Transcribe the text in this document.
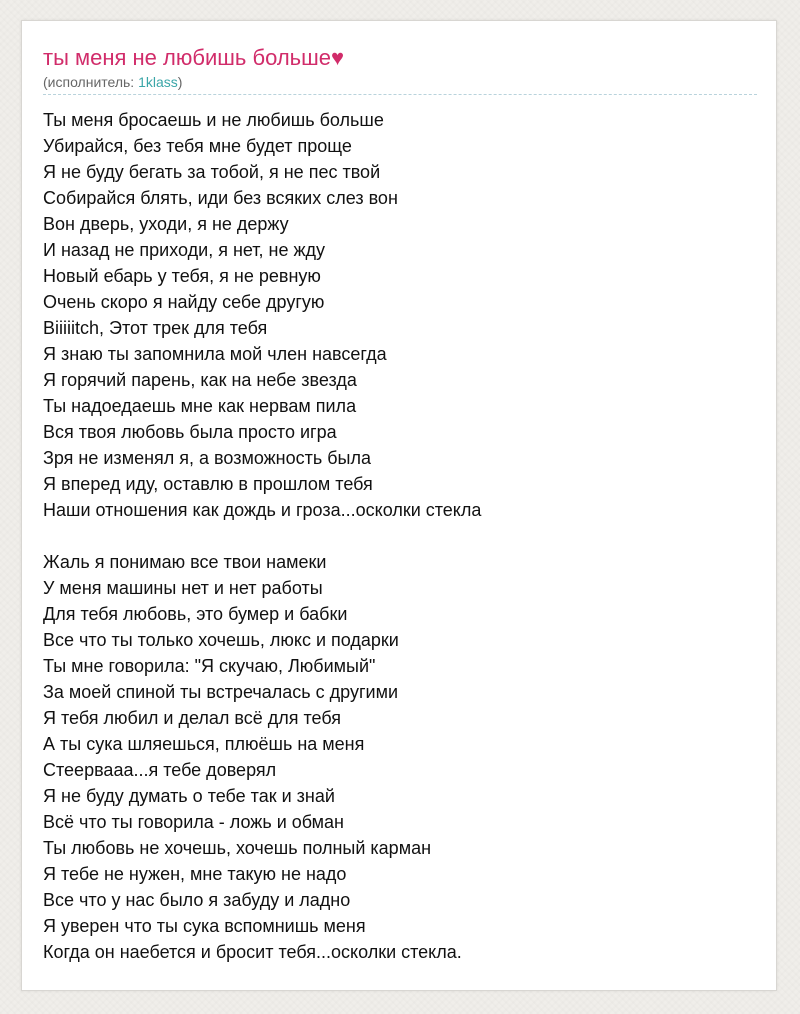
ты меня не любишь больше♥
(исполнитель: 1klass)
Ты меня бросаешь и не любишь больше
Убирайся, без тебя мне будет проще
Я не буду бегать за тобой, я не пес твой
Собирайся блять, иди без всяких слез вон
Вон дверь, уходи, я не держу
И назад не приходи, я нет, не жду
Новый ебарь у тебя, я не ревную
Очень скоро я найду себе другую
Biiiiitch, Этот трек для тебя
Я знаю ты запомнила мой член навсегда
Я горячий парень, как на небе звезда
Ты надоедаешь мне как нервам пила
Вся твоя любовь была просто игра
Зря не изменял я, а возможность была
Я вперед иду, оставлю в прошлом тебя
Наши отношения как дождь и гроза...осколки стекла
Жаль я понимаю все твои намеки
У меня машины нет и нет работы
Для тебя любовь, это бумер и бабки
Все что ты только хочешь, люкс и подарки
Ты мне говорила: "Я скучаю, Любимый"
За моей спиной ты встречалась с другими
Я тебя любил и делал всё для тебя
А ты сука шляешься, плюёшь на меня
Стеервааа...я тебе доверял
Я не буду думать о тебе так и знай
Всё что ты говорила - ложь и обман
Ты любовь не хочешь, хочешь полный карман
Я тебе не нужен, мне такую не надо
Все что у нас было я забуду и ладно
Я уверен что ты сука вспомнишь меня
Когда он наебется и бросит тебя...осколки стекла.
